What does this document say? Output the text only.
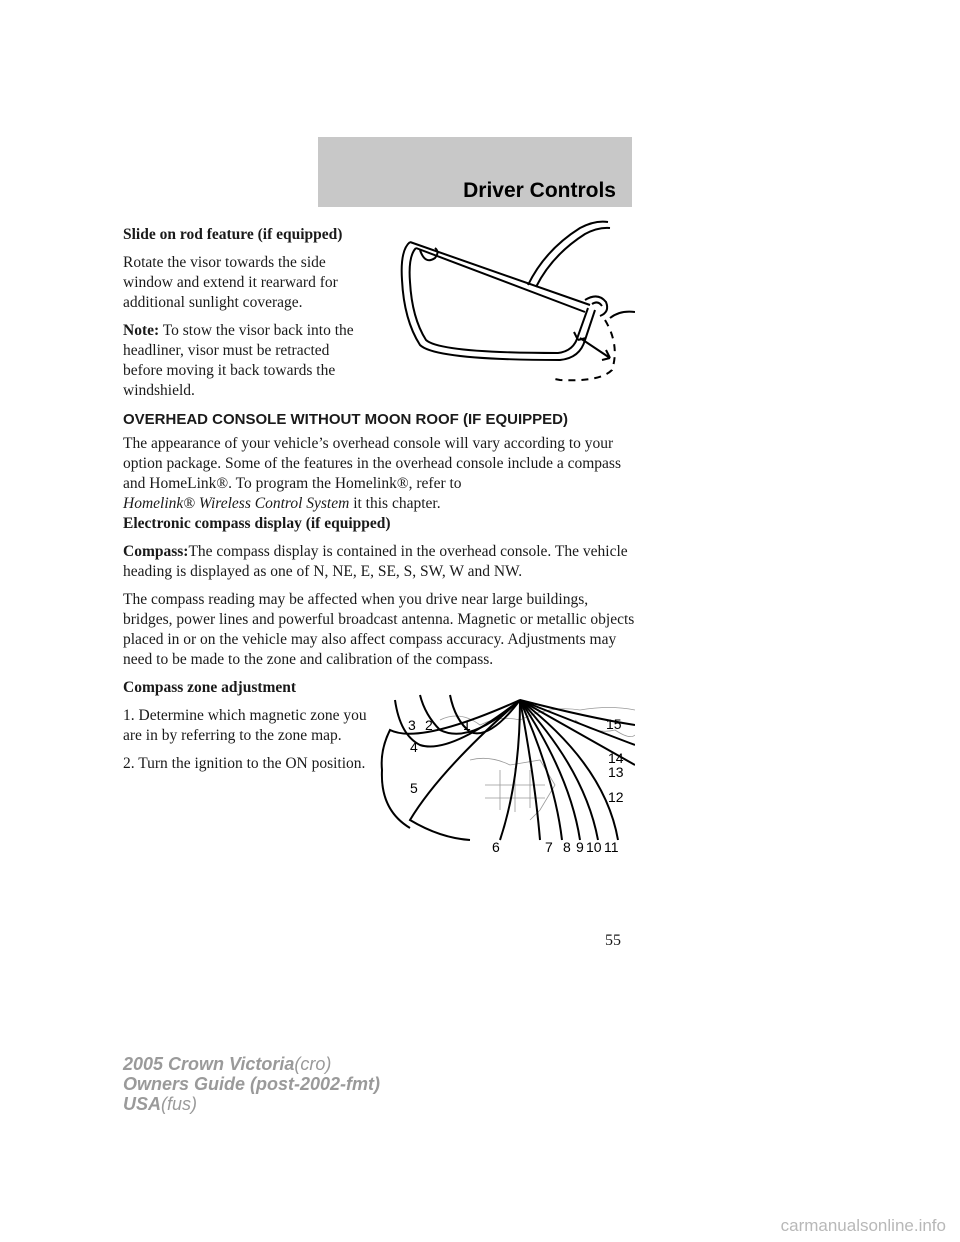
Driver Controls

Slide on rod feature (if equipped)

Rotate the visor towards the side window and extend it rearward for additional sunlight coverage.

Note: To stow the visor back into the headliner, visor must be retracted before moving it back towards the windshield.

OVERHEAD CONSOLE WITHOUT MOON ROOF (IF EQUIPPED)

The appearance of your vehicle’s overhead console will vary according to your option package. Some of the features in the overhead console include a compass and HomeLink®. To program the Homelink®, refer to
Homelink® Wireless Control System it this chapter.

Electronic compass display (if equipped)

Compass:The compass display is contained in the overhead console. The vehicle heading is displayed as one of N, NE, E, SE, S, SW, W and NW.

The compass reading may be affected when you drive near large buildings, bridges, power lines and powerful broadcast antenna. Magnetic or metallic objects placed in or on the vehicle may also affect compass accuracy. Adjustments may need to be made to the zone and calibration of the compass.

Compass zone adjustment

1. Determine which magnetic zone you are in by referring to the zone map.

2. Turn the ignition to the ON position.

1
2
3
4
5
6	7 8 9 10 11
12
13
14
15
55
2005 Crown Victoria(cro)
Owners Guide (post-2002-fmt)
USA(fus)
carmanualsonline.info
